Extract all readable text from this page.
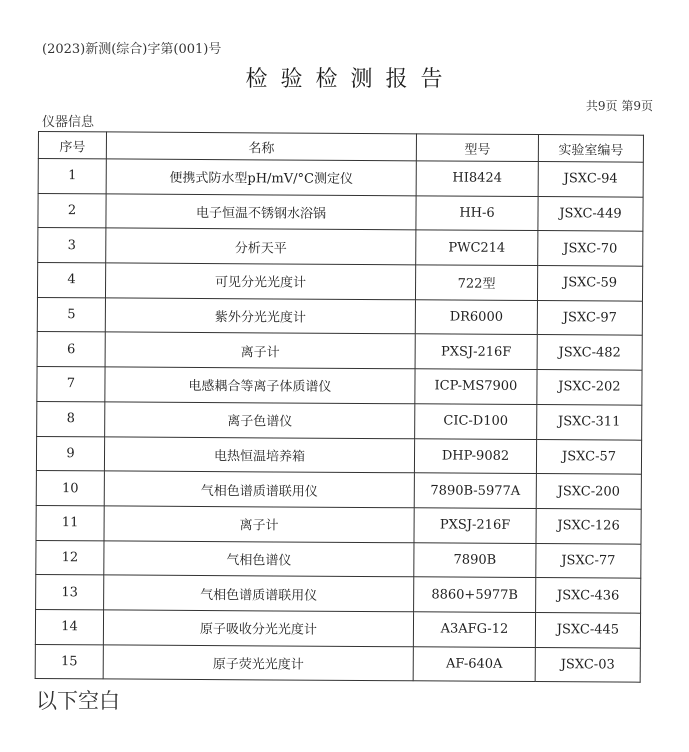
(2023)新测(综合)字第(001)号
检验检测报告
共9页 第9页
仪器信息
序号	名称	型号	实验室编号
1	便携式防水型pH/mV/°C测定仪	HI8424	JSXC-94
2	电子恒温不锈钢水浴锅	HH-6	JSXC-449
3	分析天平	PWC214	JSXC-70
4	可见分光光度计	722型	JSXC-59
5	紫外分光光度计	DR6000	JSXC-97
6	离子计	PXSJ-216F	JSXC-482
7	电感耦合等离子体质谱仪	ICP-MS7900	JSXC-202
8	离子色谱仪	CIC-D100	JSXC-311
9	电热恒温培养箱	DHP-9082	JSXC-57
10	气相色谱质谱联用仪	7890B-5977A	JSXC-200
11	离子计	PXSJ-216F	JSXC-126
12	气相色谱仪	7890B	JSXC-77
13	气相色谱质谱联用仪	8860+5977B	JSXC-436
14	原子吸收分光光度计	A3AFG-12	JSXC-445
15	原子荧光光度计	AF-640A	JSXC-03
以下空白
